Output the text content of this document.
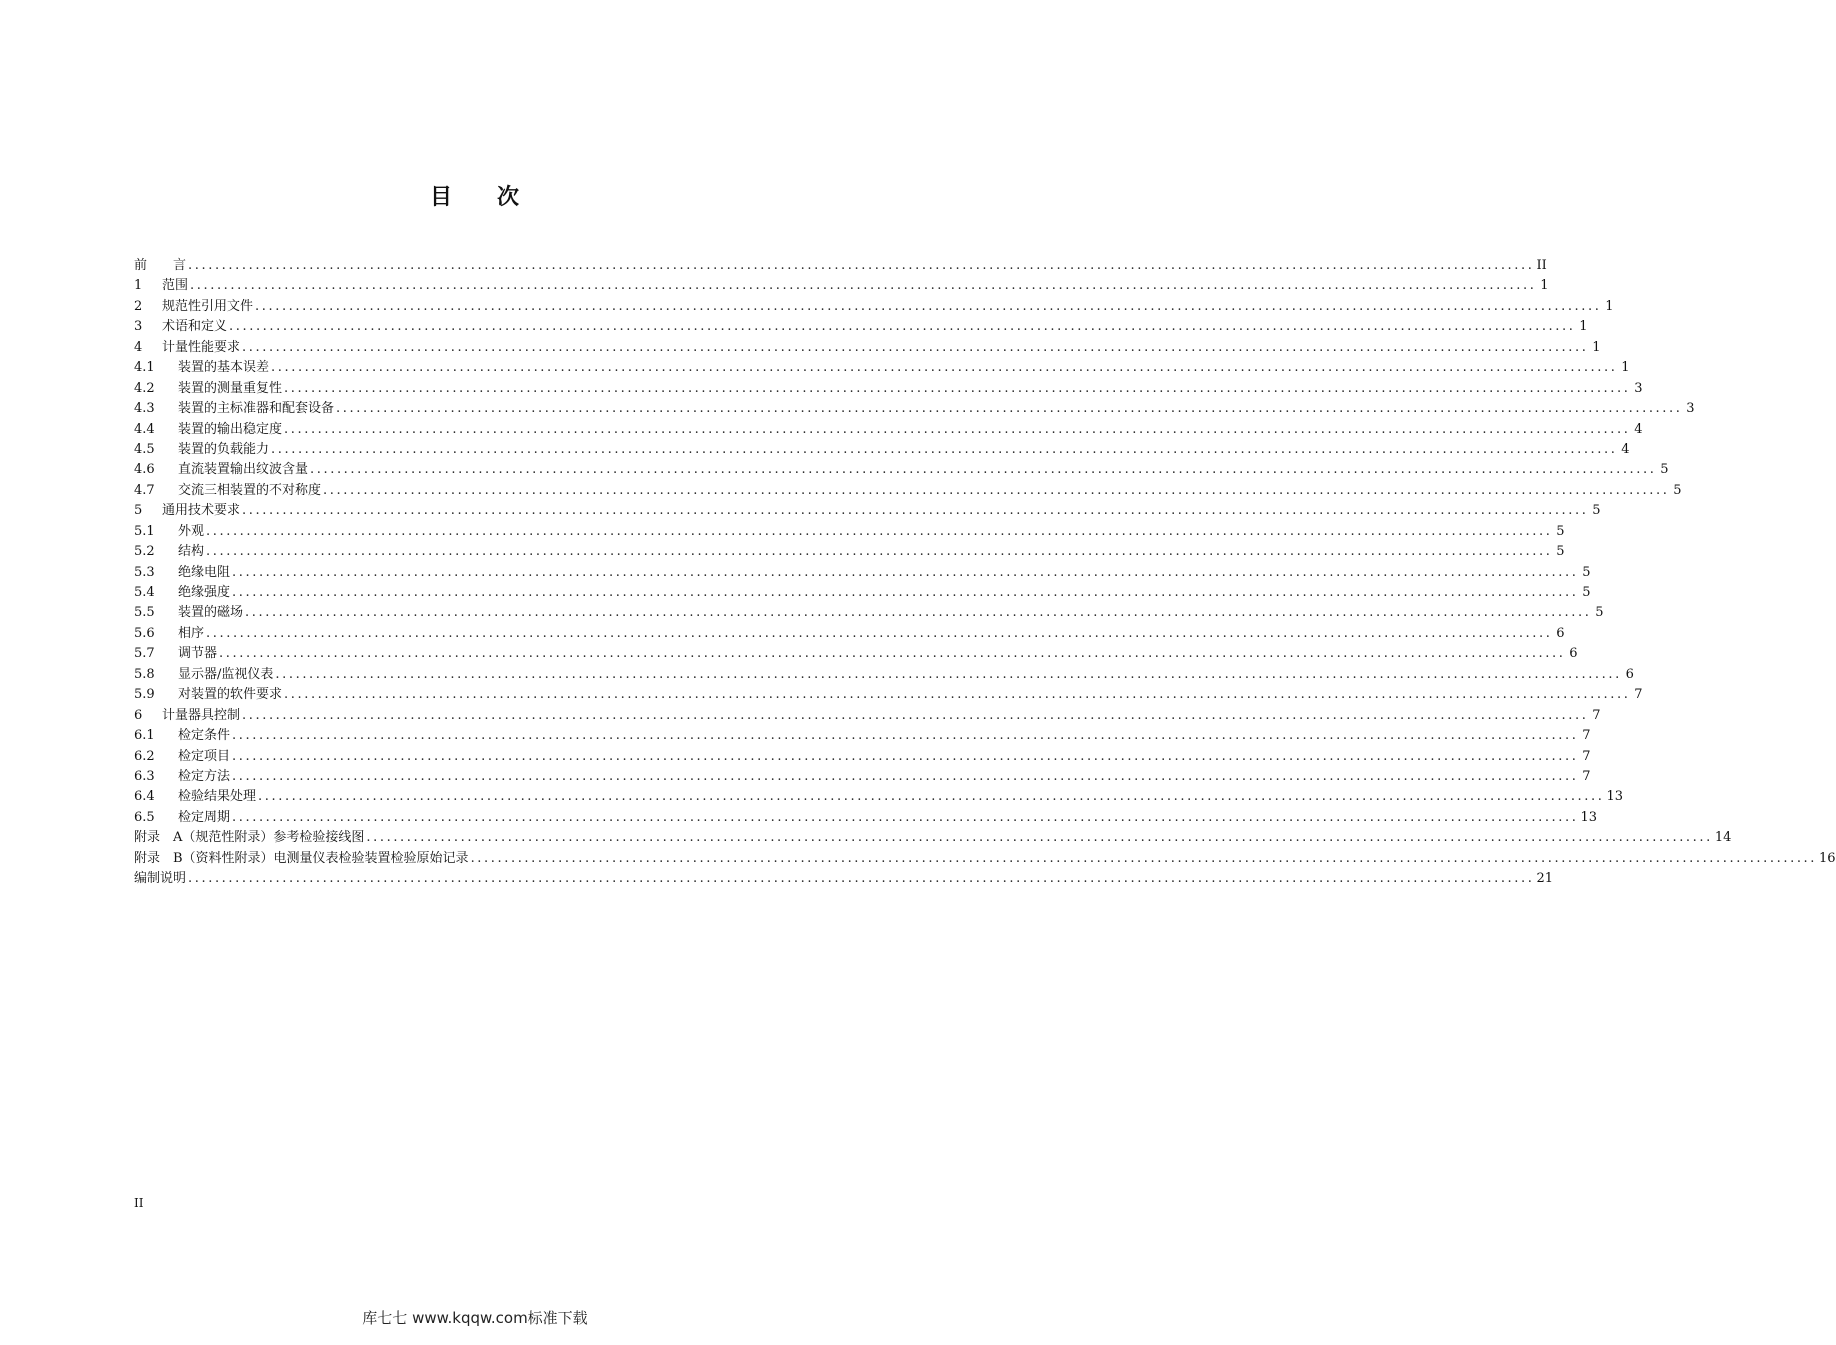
目 次
前　　言 ........................................................................................................................................................................................................ II
1	范围 ........................................................................................................................................................................................................ 1
2	规范性引用文件 ........................................................................................................................................................................................................ 1
3	术语和定义 ........................................................................................................................................................................................................ 1
4	计量性能要求 ........................................................................................................................................................................................................ 1
4.1	装置的基本误差 ........................................................................................................................................................................................................ 1
4.2	装置的测量重复性 ........................................................................................................................................................................................................ 3
4.3	装置的主标准器和配套设备 ........................................................................................................................................................................................................ 3
4.4	装置的输出稳定度 ........................................................................................................................................................................................................ 4
4.5	装置的负载能力 ........................................................................................................................................................................................................ 4
4.6	直流装置输出纹波含量 ........................................................................................................................................................................................................ 5
4.7	交流三相装置的不对称度 ........................................................................................................................................................................................................ 5
5	通用技术要求 ........................................................................................................................................................................................................ 5
5.1	外观 ........................................................................................................................................................................................................ 5
5.2	结构 ........................................................................................................................................................................................................ 5
5.3	绝缘电阻 ........................................................................................................................................................................................................ 5
5.4	绝缘强度 ........................................................................................................................................................................................................ 5
5.5	装置的磁场 ........................................................................................................................................................................................................ 5
5.6	相序 ........................................................................................................................................................................................................ 6
5.7	调节器 ........................................................................................................................................................................................................ 6
5.8	显示器/监视仪表 ........................................................................................................................................................................................................ 6
5.9	对装置的软件要求 ........................................................................................................................................................................................................ 7
6	计量器具控制 ........................................................................................................................................................................................................ 7
6.1	检定条件 ........................................................................................................................................................................................................ 7
6.2	检定项目 ........................................................................................................................................................................................................ 7
6.3	检定方法 ........................................................................................................................................................................................................ 7
6.4	检验结果处理 ........................................................................................................................................................................................................ 13
6.5	检定周期 ........................................................................................................................................................................................................ 13
附录　A（规范性附录）参考检验接线图 ........................................................................................................................................................................................................ 14
附录　B（资料性附录）电测量仪表检验装置检验原始记录 ........................................................................................................................................................................................................ 16
编制说明 ........................................................................................................................................................................................................ 21
II
库七七 www.kqqw.com标准下载
